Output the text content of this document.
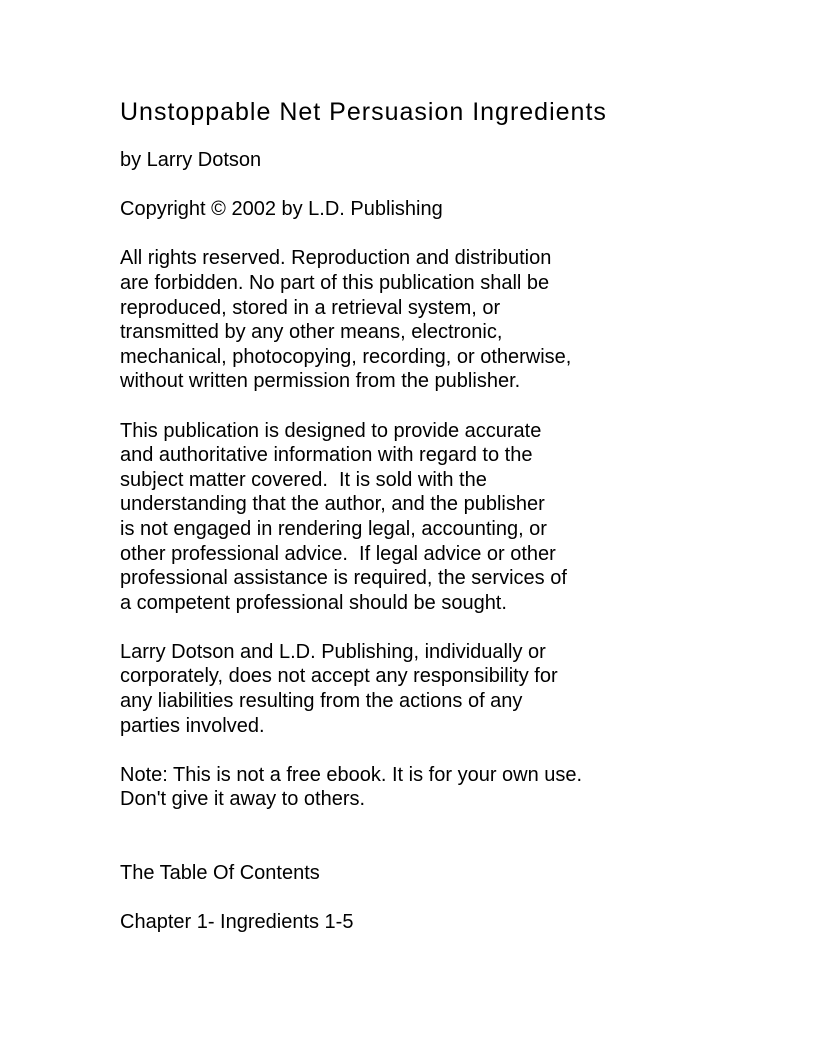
Unstoppable Net Persuasion Ingredients

by Larry Dotson

Copyright © 2002 by L.D. Publishing

All rights reserved. Reproduction and distribution

are forbidden. No part of this publication shall be

reproduced, stored in a retrieval system, or

transmitted by any other means, electronic,

mechanical, photocopying, recording, or otherwise,

without written permission from the publisher.

This publication is designed to provide accurate

and authoritative information with regard to the

subject matter covered.  It is sold with the

understanding that the author, and the publisher

is not engaged in rendering legal, accounting, or

other professional advice.  If legal advice or other

professional assistance is required, the services of

a competent professional should be sought.

Larry Dotson and L.D. Publishing, individually or

corporately, does not accept any responsibility for

any liabilities resulting from the actions of any

parties involved.

Note: This is not a free ebook. It is for your own use.

Don't give it away to others.

The Table Of Contents

Chapter 1- Ingredients 1-5
